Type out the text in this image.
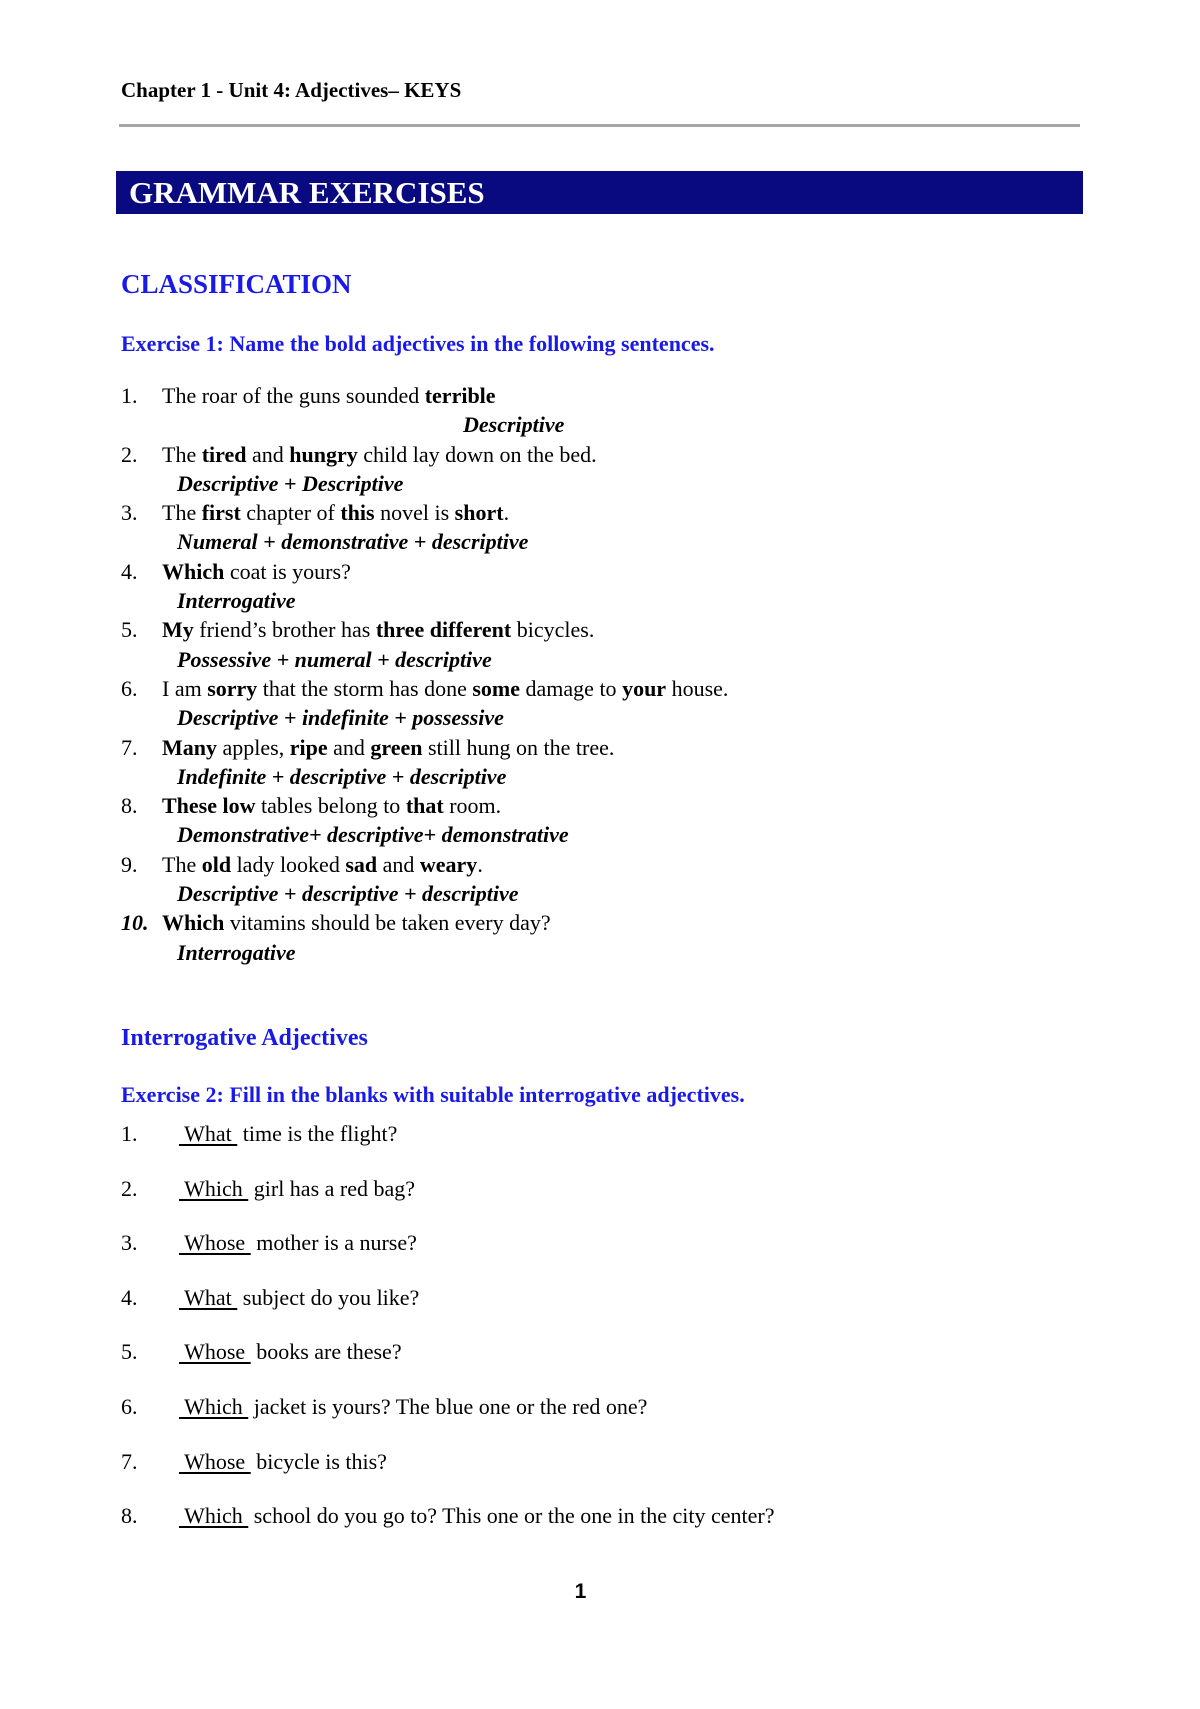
Chapter 1 - Unit 4: Adjectives– KEYS
GRAMMAR EXERCISES
CLASSIFICATION
Exercise 1: Name the bold adjectives in the following sentences.
1. The roar of the guns sounded terrible
Descriptive
2. The tired and hungry child lay down on the bed.
Descriptive + Descriptive
3. The first chapter of this novel is short.
Numeral + demonstrative + descriptive
4. Which coat is yours?
Interrogative
5. My friend’s brother has three different bicycles.
Possessive + numeral + descriptive
6. I am sorry that the storm has done some damage to your house.
Descriptive + indefinite + possessive
7. Many apples, ripe and green still hung on the tree.
Indefinite + descriptive + descriptive
8. These low tables belong to that room.
Demonstrative+ descriptive+ demonstrative
9. The old lady looked sad and weary.
Descriptive + descriptive + descriptive
10. Which vitamins should be taken every day?
Interrogative
Interrogative Adjectives
Exercise 2: Fill in the blanks with suitable interrogative adjectives.
1. What  time is the flight?
2. Which  girl has a red bag?
3. Whose  mother is a nurse?
4. What  subject do you like?
5. Whose  books are these?
6. Which  jacket is yours? The blue one or the red one?
7. Whose  bicycle is this?
8. Which  school do you go to? This one or the one in the city center?
1
